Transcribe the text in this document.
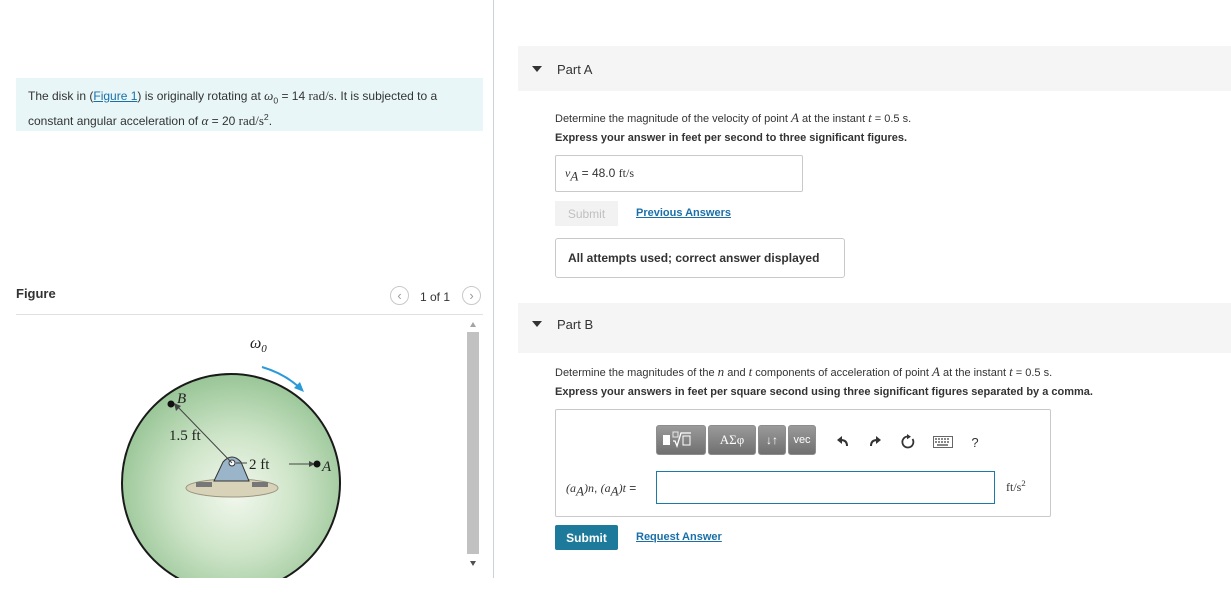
The disk in (Figure 1) is originally rotating at $\omega_0 = 14$ rad/s. It is subjected to a constant angular acceleration of α = 20 rad/$s^2$.
Figure	‹	1 of 1	›
$\omega_0$
B
1.5 ft
2 ft	A
Part A
Determine the magnitude of the velocity of point A at the instant t = 0.5 s.
Express your answer in feet per second to three significant figures.
$v_A = 48.0$ ft/s
Submit	Previous Answers
All attempts used; correct answer displayed
Part B
Determine the magnitudes of the n and t components of acceleration of point A at the instant t = 0.5 s.
Express your answers in feet per square second using three significant figures separated by a comma.
ΑΣφ	↓↑	vec	?
$(a_A)n$, $(a_A)t$ =	$ft/s^2$
Submit	Request Answer
